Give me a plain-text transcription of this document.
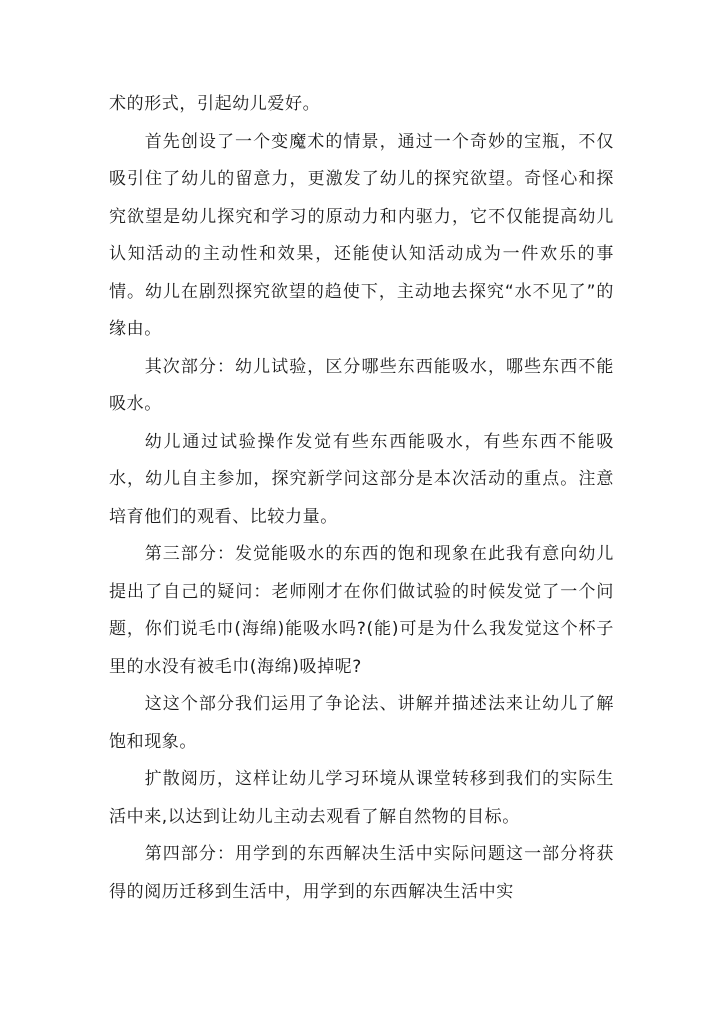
术的形式，引起幼儿爱好。

首先创设了一个变魔术的情景，通过一个奇妙的宝瓶，不仅吸引住了幼儿的留意力，更激发了幼儿的探究欲望。奇怪心和探究欲望是幼儿探究和学习的原动力和内驱力，它不仅能提高幼儿认知活动的主动性和效果，还能使认知活动成为一件欢乐的事情。幼儿在剧烈探究欲望的趋使下，主动地去探究“水不见了”的缘由。

其次部分：幼儿试验，区分哪些东西能吸水，哪些东西不能吸水。

幼儿通过试验操作发觉有些东西能吸水，有些东西不能吸水，幼儿自主参加，探究新学问这部分是本次活动的重点。注意培育他们的观看、比较力量。

第三部分：发觉能吸水的东西的饱和现象在此我有意向幼儿提出了自己的疑问：老师刚才在你们做试验的时候发觉了一个问题，你们说毛巾(海绵)能吸水吗?(能)可是为什么我发觉这个杯子里的水没有被毛巾(海绵)吸掉呢?

这这个部分我们运用了争论法、讲解并描述法来让幼儿了解饱和现象。

扩散阅历，这样让幼儿学习环境从课堂转移到我们的实际生活中来,以达到让幼儿主动去观看了解自然物的目标。

第四部分：用学到的东西解决生活中实际问题这一部分将获得的阅历迁移到生活中，用学到的东西解决生活中实
